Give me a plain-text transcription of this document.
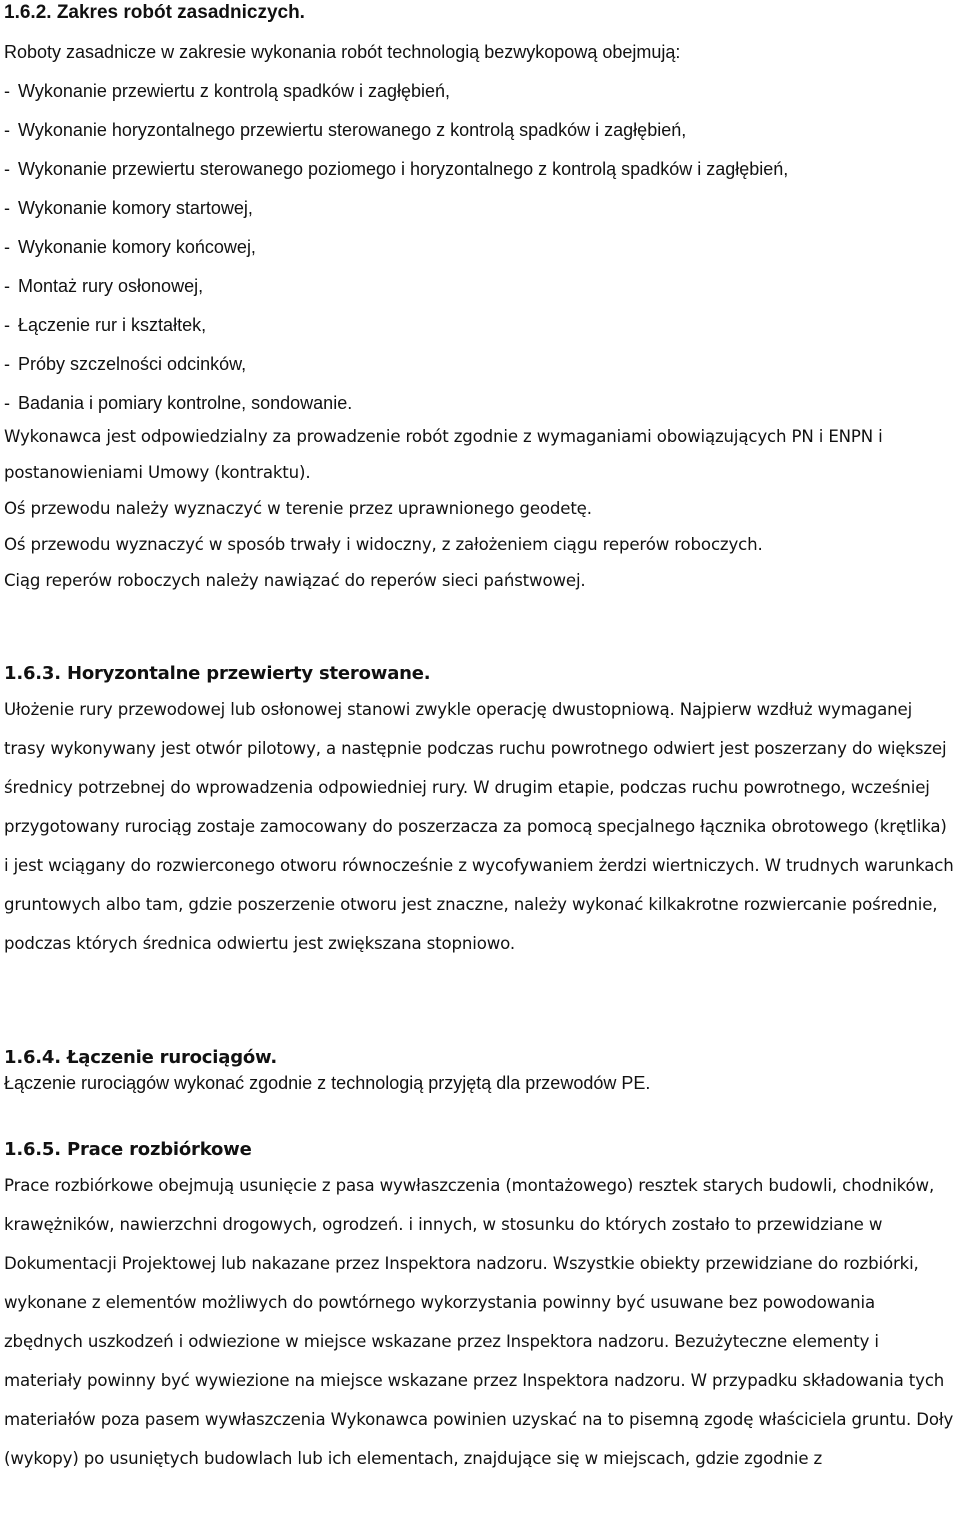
1.6.2. Zakres robót zasadniczych.

Roboty zasadnicze w zakresie wykonania robót technologią bezwykopową obejmują:

- Wykonanie przewiertu z kontrolą spadków i zagłębień,

- Wykonanie horyzontalnego przewiertu sterowanego z kontrolą spadków i zagłębień,

- Wykonanie przewiertu sterowanego poziomego i horyzontalnego z kontrolą spadków i zagłębień,

- Wykonanie komory startowej,

- Wykonanie komory końcowej,

- Montaż rury osłonowej,

- Łączenie rur i kształtek,

- Próby szczelności odcinków,

- Badania i pomiary kontrolne, sondowanie.

Wykonawca jest odpowiedzialny za prowadzenie robót zgodnie z wymaganiami obowiązujących PN i ENPN i postanowieniami Umowy (kontraktu).

Oś przewodu należy wyznaczyć w terenie przez uprawnionego geodetę.

Oś przewodu wyznaczyć w sposób trwały i widoczny, z założeniem ciągu reperów roboczych.

Ciąg reperów roboczych należy nawiązać do reperów sieci państwowej.

1.6.3. Horyzontalne przewierty sterowane.

Ułożenie rury przewodowej lub osłonowej stanowi zwykle operację dwustopniową. Najpierw wzdłuż wymaganej trasy wykonywany jest otwór pilotowy, a następnie podczas ruchu powrotnego odwiert jest poszerzany do większej średnicy potrzebnej do wprowadzenia odpowiedniej rury. W drugim etapie, podczas ruchu powrotnego, wcześniej przygotowany rurociąg zostaje zamocowany do poszerzacza za pomocą specjalnego łącznika obrotowego (krętlika) i jest wciągany do rozwierconego otworu równocześnie z wycofywaniem żerdzi wiertniczych. W trudnych warunkach gruntowych albo tam, gdzie poszerzenie otworu jest znaczne, należy wykonać kilkakrotne rozwiercanie pośrednie, podczas których średnica odwiertu jest zwiększana stopniowo.

1.6.4. Łączenie rurociągów.

Łączenie rurociągów wykonać zgodnie z technologią przyjętą dla przewodów PE.

1.6.5. Prace rozbiórkowe

Prace rozbiórkowe obejmują usunięcie z pasa wywłaszczenia (montażowego) resztek starych budowli, chodników, krawężników, nawierzchni drogowych, ogrodzeń. i innych, w stosunku do których zostało to przewidziane w Dokumentacji Projektowej lub nakazane przez Inspektora nadzoru. Wszystkie obiekty przewidziane do rozbiórki, wykonane z elementów możliwych do powtórnego wykorzystania powinny być usuwane bez powodowania zbędnych uszkodzeń i odwiezione w miejsce wskazane przez Inspektora nadzoru. Bezużyteczne elementy i materiały powinny być wywiezione na miejsce wskazane przez Inspektora nadzoru. W przypadku składowania tych materiałów poza pasem wywłaszczenia Wykonawca powinien uzyskać na to pisemną zgodę właściciela gruntu. Doły (wykopy) po usuniętych budowlach lub ich elementach, znajdujące się w miejscach, gdzie zgodnie z
